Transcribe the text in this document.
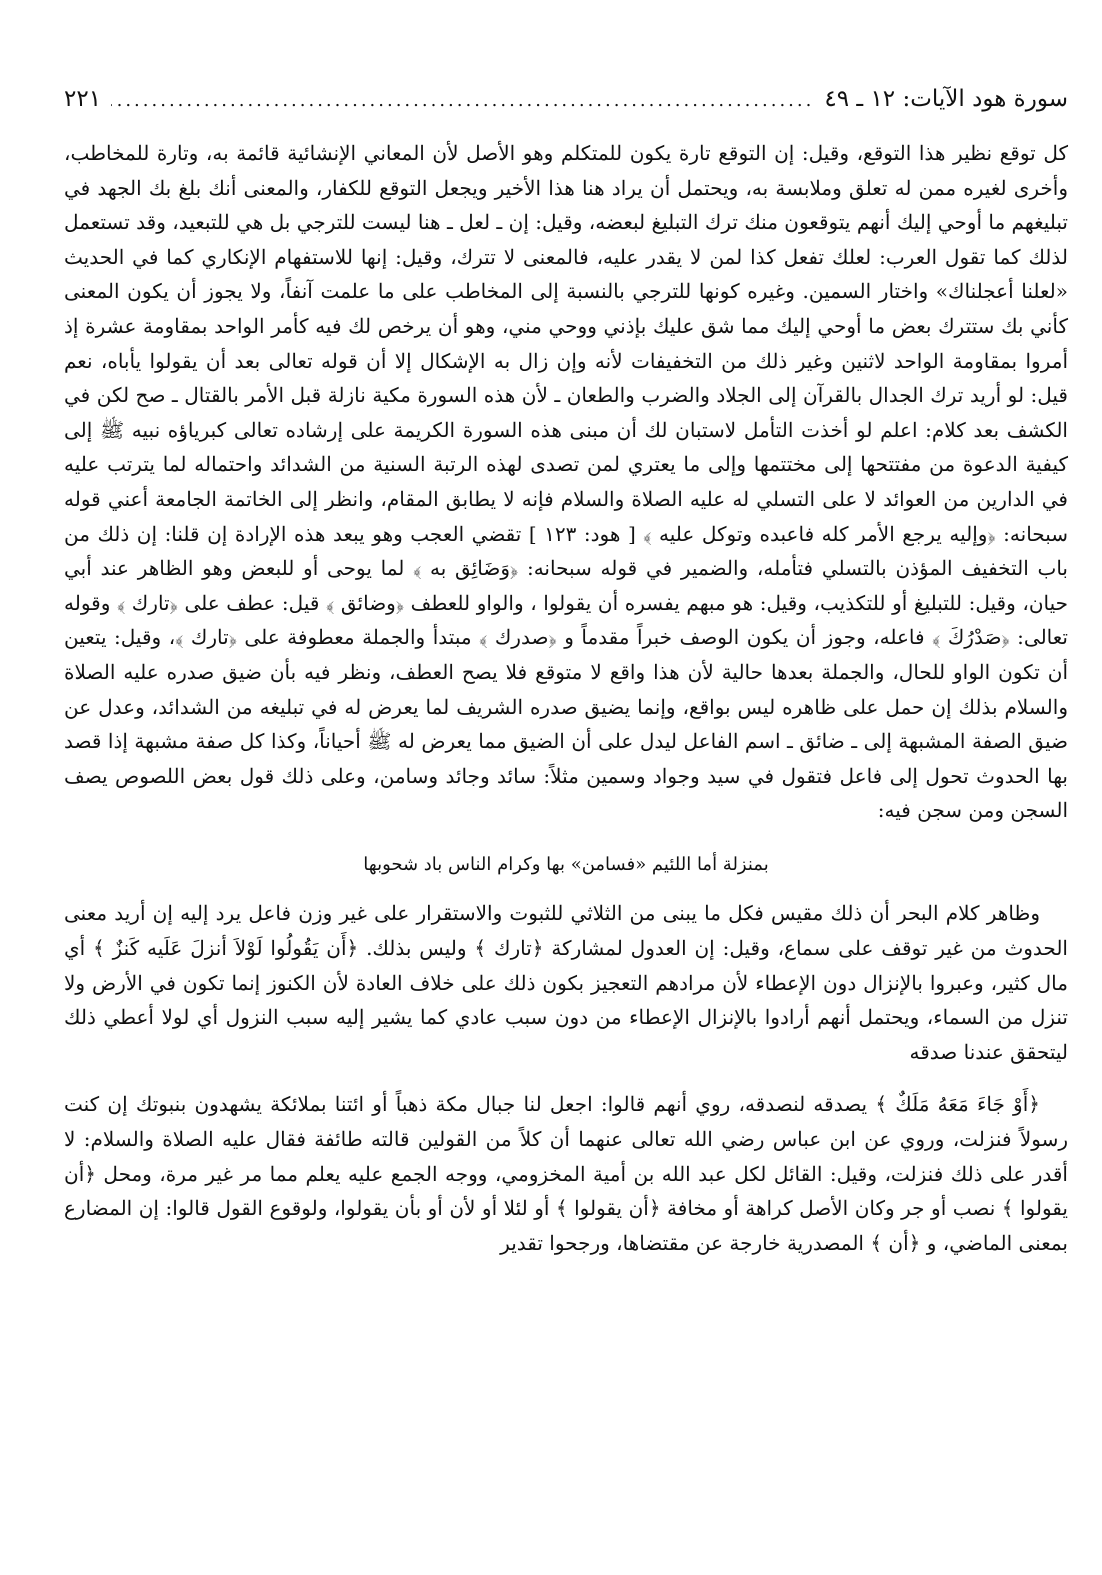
سورة هود الآيات: ١٢ ـ ٤٩
.....
٢٢١

كل توقع نظير هذا التوقع، وقيل: إن التوقع تارة يكون للمتكلم وهو الأصل لأن المعاني الإنشائية قائمة به، وتارة للمخاطب، وأخرى لغيره ممن له تعلق وملابسة به، ويحتمل أن يراد هنا هذا الأخير ويجعل التوقع للكفار، والمعنى أنك بلغ بك الجهد في تبليغهم ما أوحي إليك أنهم يتوقعون منك ترك التبليغ لبعضه، وقيل: إن ـ لعل ـ هنا ليست للترجي بل هي للتبعيد، وقد تستعمل لذلك كما تقول العرب: لعلك تفعل كذا لمن لا يقدر عليه، فالمعنى لا تترك، وقيل: إنها للاستفهام الإنكاري كما في الحديث «لعلنا أعجلناك» واختار السمين. وغيره كونها للترجي بالنسبة إلى المخاطب على ما علمت آنفاً، ولا يجوز أن يكون المعنى كأني بك ستترك بعض ما أوحي إليك مما شق عليك بإذني ووحي مني، وهو أن يرخص لك فيه كأمر الواحد بمقاومة عشرة إذ أمروا بمقاومة الواحد لاثنين وغير ذلك من التخفيفات لأنه وإن زال به الإشكال إلا أن قوله تعالى بعد أن يقولوا يأباه، نعم قيل: لو أريد ترك الجدال بالقرآن إلى الجلاد والضرب والطعان ـ لأن هذه السورة مكية نازلة قبل الأمر بالقتال ـ صح لكن في الكشف بعد كلام: اعلم لو أخذت التأمل لاستبان لك أن مبنى هذه السورة الكريمة على إرشاده تعالى كبرياؤه نبيه ﷺ إلى كيفية الدعوة من مفتتحها إلى مختتمها وإلى ما يعتري لمن تصدى لهذه الرتبة السنية من الشدائد واحتماله لما يترتب عليه في الدارين من العوائد لا على التسلي له عليه الصلاة والسلام فإنه لا يطابق المقام، وانظر إلى الخاتمة الجامعة أعني قوله سبحانه: ﴿وإليه يرجع الأمر كله فاعبده وتوكل عليه ﴾ [ هود: ١٢٣ ] تقضي العجب وهو يبعد هذه الإرادة إن قلنا: إن ذلك من باب التخفيف المؤذن بالتسلي فتأمله، والضمير في قوله سبحانه: ﴿وَضَائِق به ﴾ لما يوحى أو للبعض وهو الظاهر عند أبي حيان، وقيل: للتبليغ أو للتكذيب، وقيل: هو مبهم يفسره أن يقولوا ، والواو للعطف ﴿وضائق ﴾ قيل: عطف على ﴿تارك ﴾ وقوله تعالى: ﴿صَدْرُكَ ﴾ فاعله، وجوز أن يكون الوصف خبراً مقدماً و ﴿صدرك ﴾ مبتدأ والجملة معطوفة على ﴿تارك ﴾، وقيل: يتعين أن تكون الواو للحال، والجملة بعدها حالية لأن هذا واقع لا متوقع فلا يصح العطف، ونظر فيه بأن ضيق صدره عليه الصلاة والسلام بذلك إن حمل على ظاهره ليس بواقع، وإنما يضيق صدره الشريف لما يعرض له في تبليغه من الشدائد، وعدل عن ضيق الصفة المشبهة إلى ـ ضائق ـ اسم الفاعل ليدل على أن الضيق مما يعرض له ﷺ أحياناً، وكذا كل صفة مشبهة إذا قصد بها الحدوث تحول إلى فاعل فتقول في سيد وجواد وسمين مثلاً: سائد وجائد وسامن، وعلى ذلك قول بعض اللصوص يصف السجن ومن سجن فيه:

بمنزلة أما اللئيم «فسامن» بها وكرام الناس باد شحوبها

وظاهر كلام البحر أن ذلك مقيس فكل ما يبنى من الثلاثي للثبوت والاستقرار على غير وزن فاعل يرد إليه إن أريد معنى الحدوث من غير توقف على سماع، وقيل: إن العدول لمشاركة ﴿تارك ﴾ وليس بذلك. ﴿أَن يَقُولُوا لَوْلاَ أنزلَ عَلَيه كَنزٌ ﴾ أي مال كثير، وعبروا بالإنزال دون الإعطاء لأن مرادهم التعجيز بكون ذلك على خلاف العادة لأن الكنوز إنما تكون في الأرض ولا تنزل من السماء، ويحتمل أنهم أرادوا بالإنزال الإعطاء من دون سبب عادي كما يشير إليه سبب النزول أي لولا أعطي ذلك ليتحقق عندنا صدقه

﴿أَوْ جَاءَ مَعَهُ مَلَكٌ ﴾ يصدقه لنصدقه، روي أنهم قالوا: اجعل لنا جبال مكة ذهباً أو ائتنا بملائكة يشهدون بنبوتك إن كنت رسولاً فنزلت، وروي عن ابن عباس رضي الله تعالى عنهما أن كلاً من القولين قالته طائفة فقال عليه الصلاة والسلام: لا أقدر على ذلك فنزلت، وقيل: القائل لكل عبد الله بن أمية المخزومي، ووجه الجمع عليه يعلم مما مر غير مرة، ومحل ﴿أن يقولوا ﴾ نصب أو جر وكان الأصل كراهة أو مخافة ﴿أن يقولوا ﴾ أو لئلا أو لأن أو بأن يقولوا، ولوقوع القول قالوا: إن المضارع بمعنى الماضي، و ﴿أن ﴾ المصدرية خارجة عن مقتضاها، ورجحوا تقدير
